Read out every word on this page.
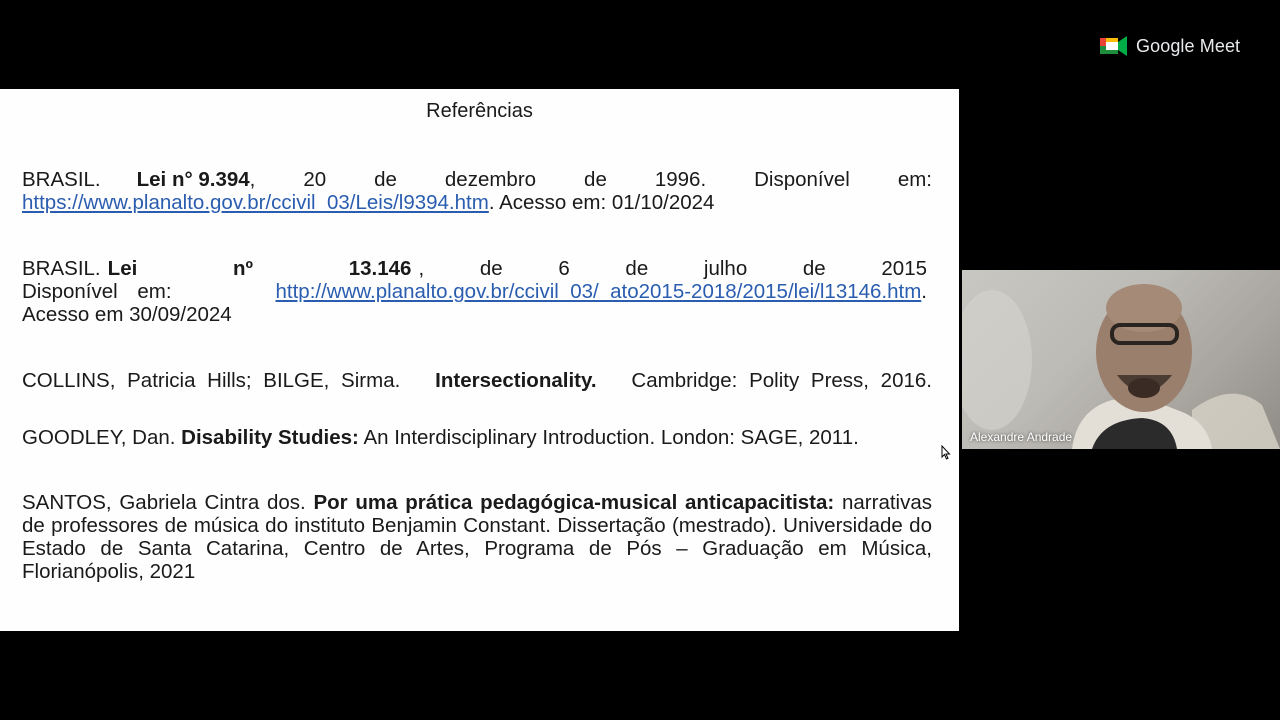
Google Meet
Referências
BRASIL. Lei n° 9.394 , 20 de dezembro de 1996. Disponível em:
https://www.planalto.gov.br/ccivil_03/Leis/l9394.htm. Acesso em: 01/10/2024
BRASIL. Lei nº 13.146 , de 6 de julho de 2015
Disponível em:	http://www.planalto.gov.br/ccivil_03/_ato2015-2018/2015/lei/l13146.htm.
Acesso em 30/09/2024
COLLINS, Patricia Hills; BILGE, Sirma. Intersectionality. Cambridge: Polity Press, 2016.
GOODLEY, Dan. Disability Studies: An Interdisciplinary Introduction. London: SAGE, 2011.
SANTOS, Gabriela Cintra dos. Por uma prática pedagógica-musical anticapacitista: narrativas de professores de música do instituto Benjamin Constant. Dissertação (mestrado). Universidade do Estado de Santa Catarina, Centro de Artes, Programa de Pós – Graduação em Música, Florianópolis, 2021
Alexandre Andrade
